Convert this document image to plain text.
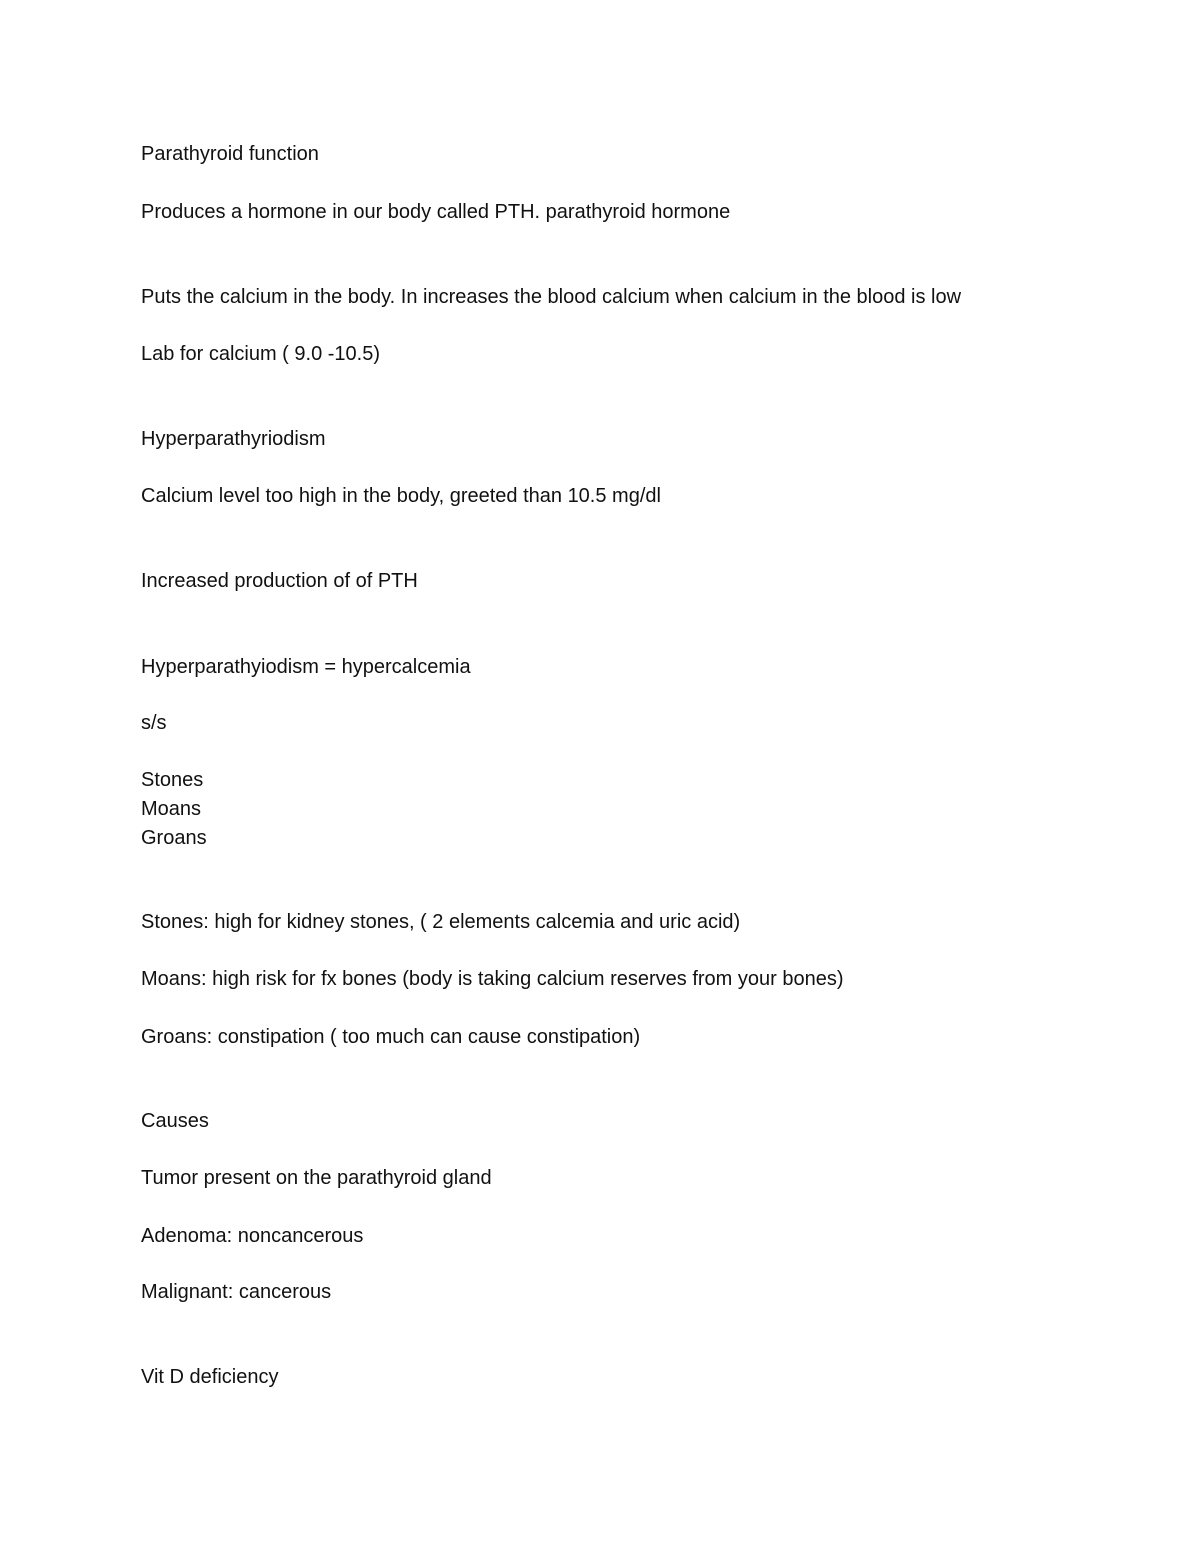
Parathyroid function

Produces a hormone in our body called PTH. parathyroid hormone

Puts the calcium in the body. In increases the blood calcium when calcium in the blood is low

Lab for calcium ( 9.0 -10.5)

Hyperparathyriodism

Calcium level too high in the body, greeted than 10.5 mg/dl

Increased production of of PTH

Hyperparathyiodism = hypercalcemia

s/s

Stones

Moans

Groans

Stones: high for kidney stones, ( 2 elements calcemia and uric acid)

Moans: high risk for fx bones (body is taking calcium reserves from your bones)

Groans: constipation ( too much can cause constipation)

Causes

Tumor present on the parathyroid gland

Adenoma: noncancerous

Malignant: cancerous

Vit D deficiency
